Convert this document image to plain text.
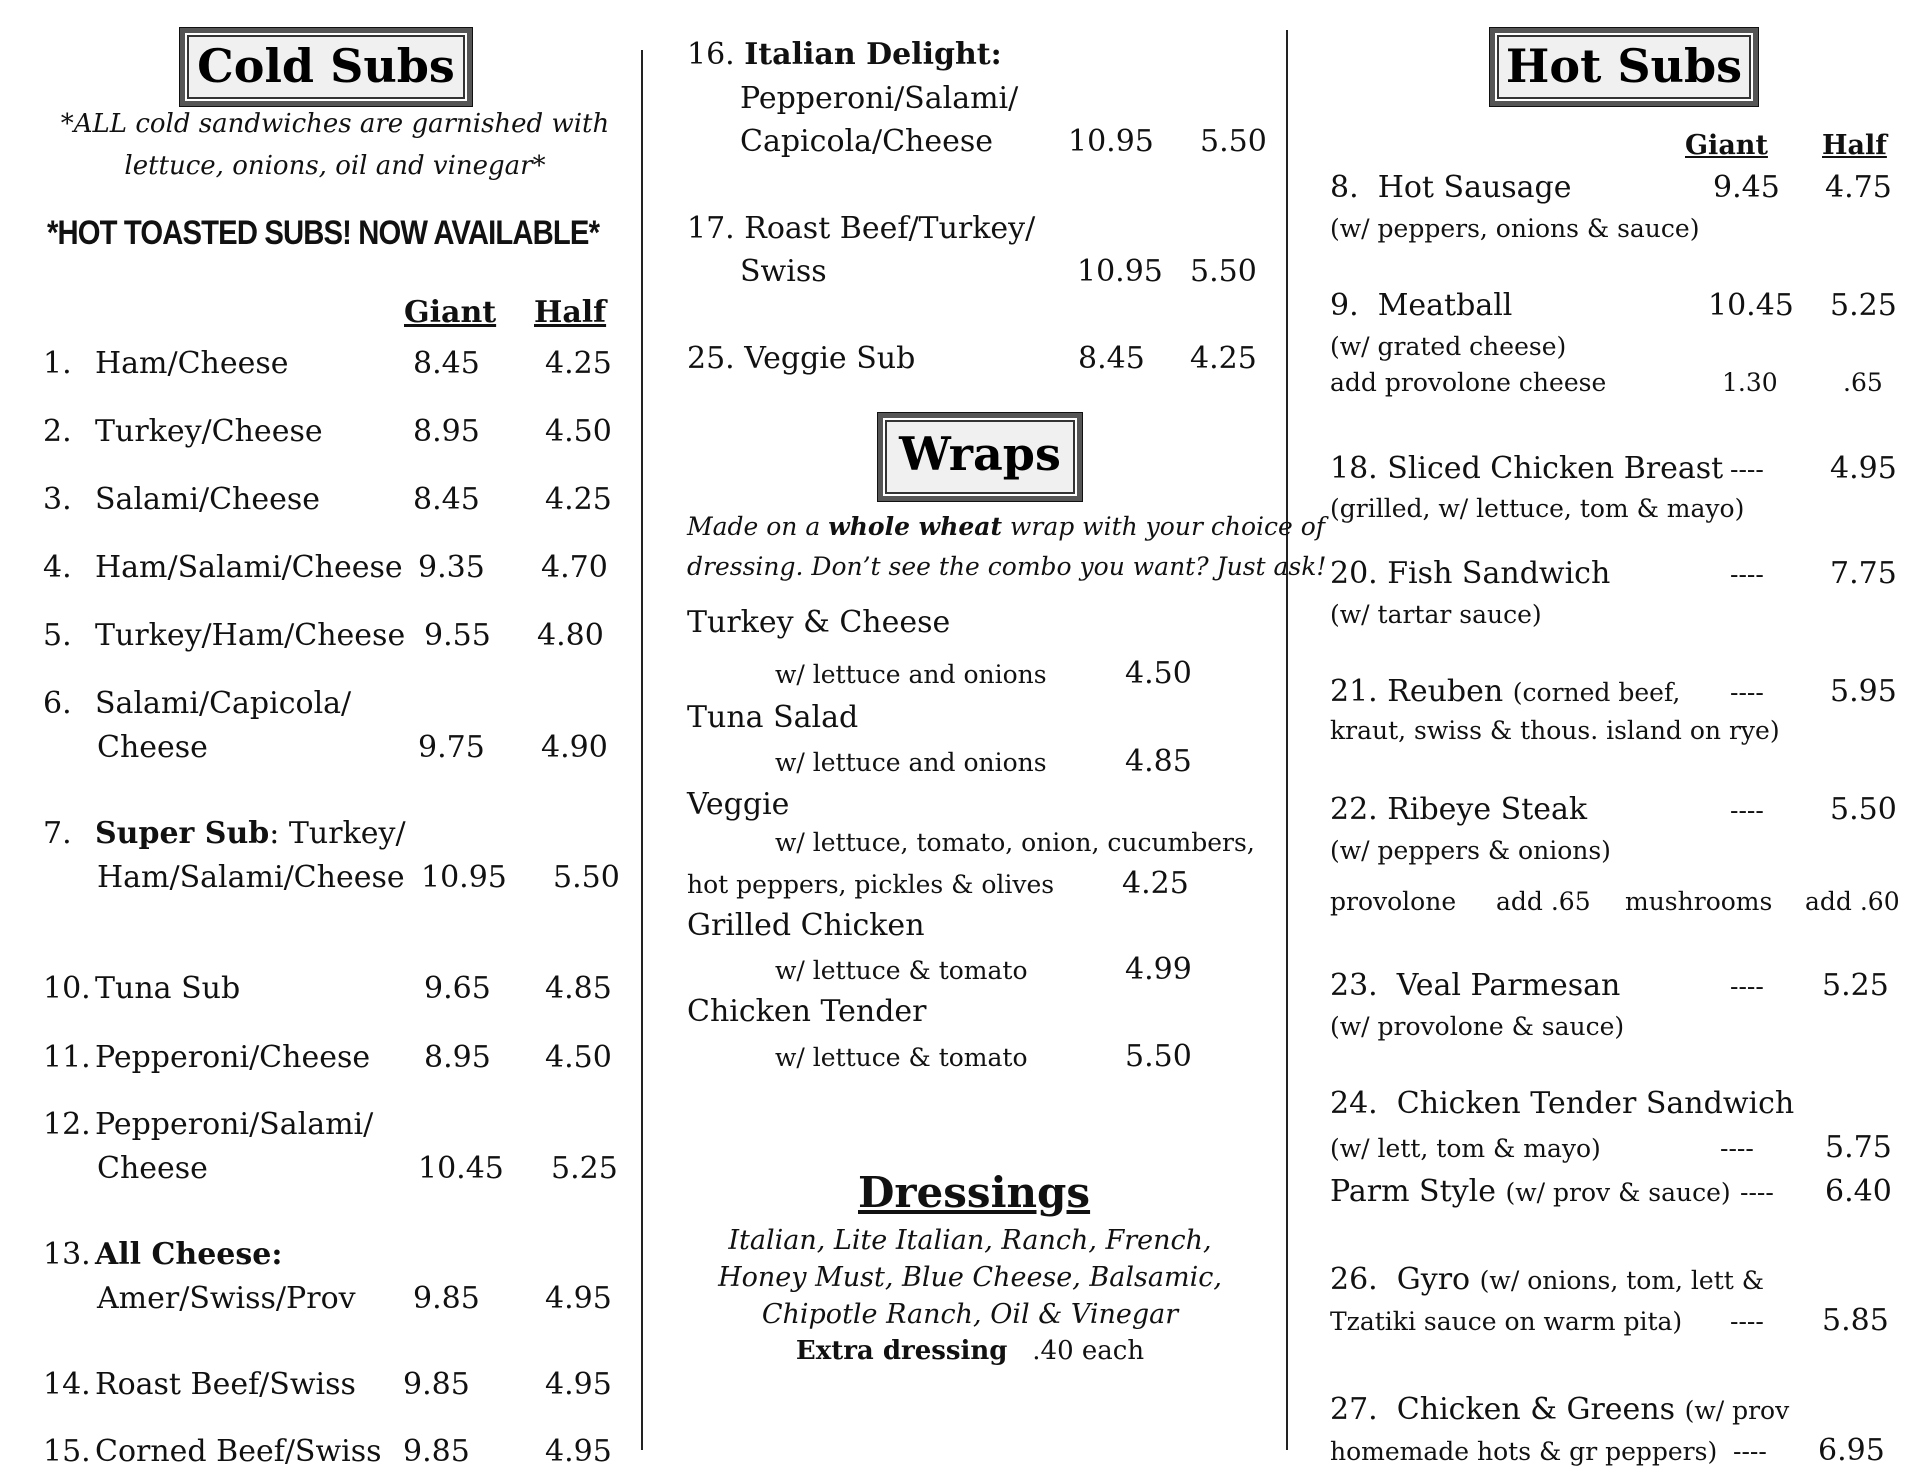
Cold Subs
*ALL cold sandwiches are garnished with lettuce, onions, oil and vinegar*
*HOT TOASTED SUBS! NOW AVAILABLE*
Giant Half
1. Ham/Cheese	8.45 4.25
2. Turkey/Cheese	8.95 4.50
3. Salami/Cheese	8.45 4.25
4. Ham/Salami/Cheese 9.35 4.70
5. Turkey/Ham/Cheese 9.55 4.80
6. Salami/Capicola/
Cheese	9.75 4.90
7. Super Sub: Turkey/
Ham/Salami/Cheese 10.95 5.50
10. Tuna Sub	9.65 4.85
11. Pepperoni/Cheese 8.95 4.50
12. Pepperoni/Salami/
Cheese	10.45 5.25
13. All Cheese:
Amer/Swiss/Prov 9.85 4.95
14. Roast Beef/Swiss 9.85	4.95
15. Corned Beef/Swiss 9.85	4.95
16. Italian Delight:
Pepperoni/Salami/
Capicola/Cheese 10.95 5.50
17. Roast Beef/Turkey/
Swiss	10.95 5.50
25. Veggie Sub	8.45 4.25
Wraps
Made on a whole wheat wrap with your choice of
dressing. Don’t see the combo you want? Just ask!
Turkey & Cheese
w/ lettuce and onions	4.50
Tuna Salad
w/ lettuce and onions	4.85
Veggie
w/ lettuce, tomato, onion, cucumbers,
hot peppers, pickles & olives 4.25
Grilled Chicken
w/ lettuce & tomato	4.99
Chicken Tender
w/ lettuce & tomato	5.50
Dressings
Italian, Lite Italian, Ranch, French,
Honey Must, Blue Cheese, Balsamic,
Chipotle Ranch, Oil & Vinegar
Extra dressing .40 each
Hot Subs
Giant Half
8. Hot Sausage	9.45 4.75
(w/ peppers, onions & sauce)
9. Meatball	10.45 5.25
(w/ grated cheese)
add provolone cheese	1.30	.65
18. Sliced Chicken Breast ---- 4.95
(grilled, w/ lettuce, tom & mayo)
20. Fish Sandwich	---- 7.75
(w/ tartar sauce)
21. Reuben (corned beef, ---- 5.95
kraut, swiss & thous. island on rye)
22. Ribeye Steak	---- 5.50
(w/ peppers & onions)
provolone add .65 mushrooms add .60
23. Veal Parmesan	---- 5.25
(w/ provolone & sauce)
24. Chicken Tender Sandwich
(w/ lett, tom & mayo)	---- 5.75
Parm Style (w/ prov & sauce) ---- 6.40
26. Gyro (w/ onions, tom, lett &
Tzatiki sauce on warm pita) ---- 5.85
27. Chicken & Greens (w/ prov
homemade hots & gr peppers) ---- 6.95
